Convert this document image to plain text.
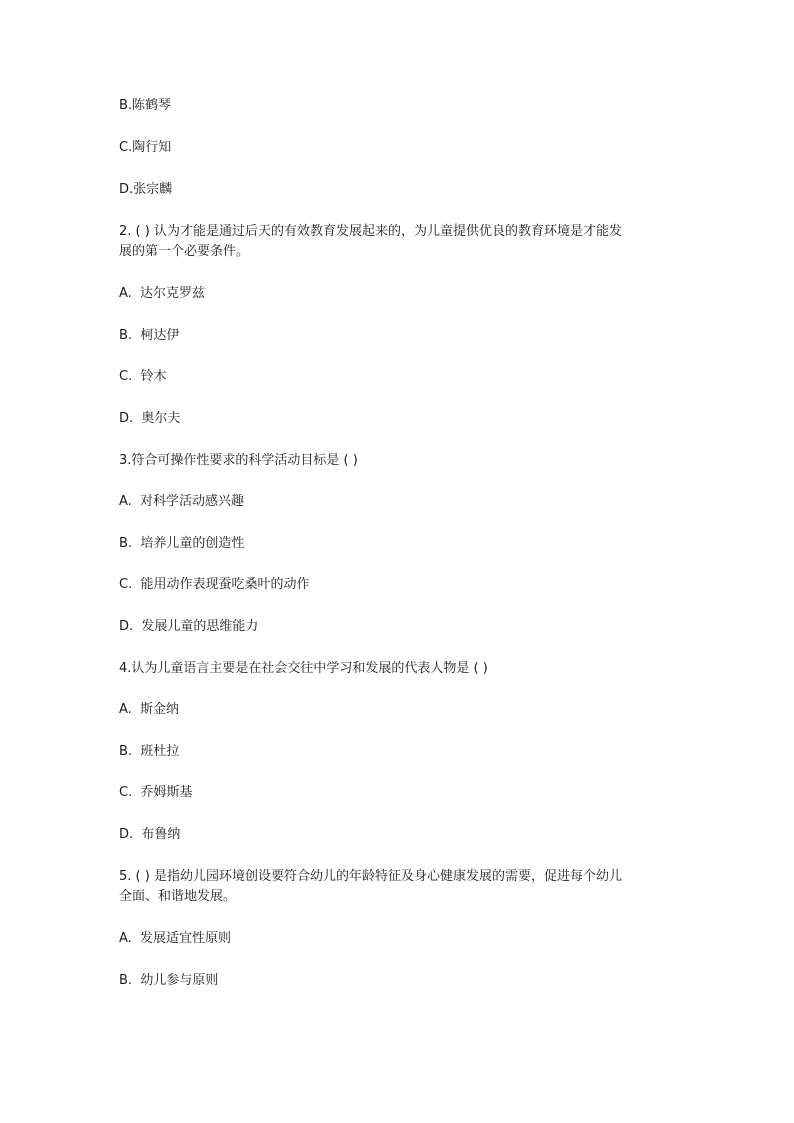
B.陈鹤琴

C.陶行知

D.张宗麟

2. ( ) 认为才能是通过后天的有效教育发展起来的，为儿童提供优良的教育环境是才能发

展的第一个必要条件。

A.  达尔克罗兹

B.  柯达伊

C.  铃木

D.  奥尔夫

3.符合可操作性要求的科学活动目标是 ( )

A.  对科学活动感兴趣

B.  培养儿童的创造性

C.  能用动作表现蚕吃桑叶的动作

D.  发展儿童的思维能力

4.认为儿童语言主要是在社会交往中学习和发展的代表人物是 ( )

A.  斯金纳

B.  班杜拉

C.  乔姆斯基

D.  布鲁纳

5. ( ) 是指幼儿园环境创设要符合幼儿的年龄特征及身心健康发展的需要，促进每个幼儿

全面、和谐地发展。

A.  发展适宜性原则

B.  幼儿参与原则
